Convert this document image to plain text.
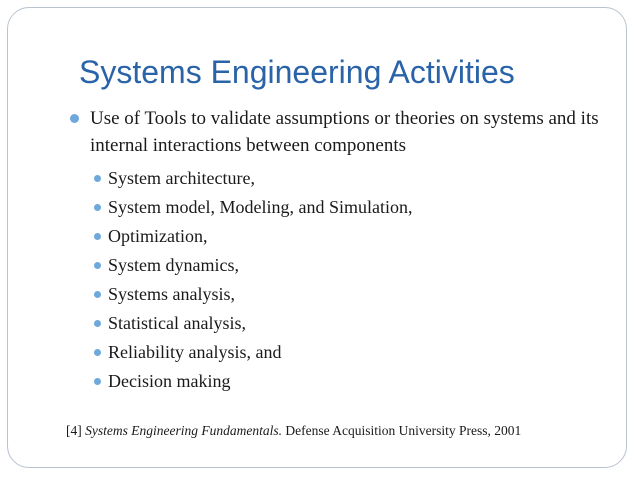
Systems Engineering Activities

Use of Tools to validate assumptions or theories on systems and its internal interactions between components

System architecture,
System model, Modeling, and Simulation,
Optimization,
System dynamics,
Systems analysis,
Statistical analysis,
Reliability analysis, and
Decision making
[4] Systems Engineering Fundamentals. Defense Acquisition University Press, 2001
